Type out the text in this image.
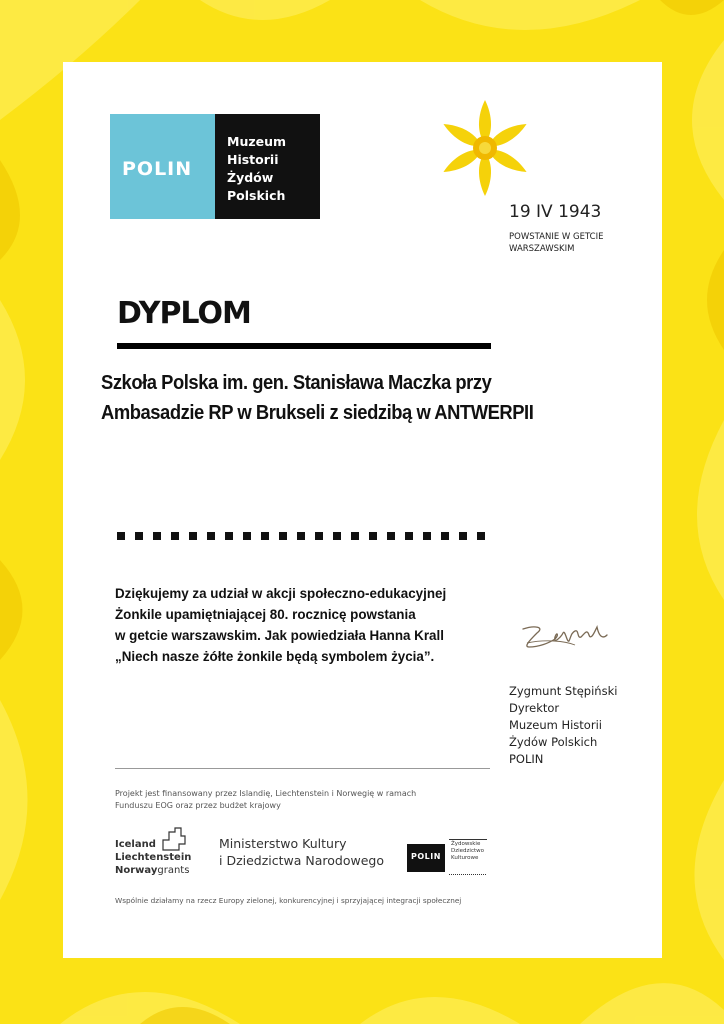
POLIN
Muzeum
Historii
Żydów
Polskich
19 IV 1943
POWSTANIE W GETCIE
WARSZAWSKIM
DYPLOM
Szkoła Polska im. gen. Stanisława Maczka przy
Ambasadzie RP w Brukseli z siedzibą w ANTWERPII
Dziękujemy za udział w akcji społeczno-edukacyjnej
Żonkile upamiętniającej 80. rocznicę powstania
w getcie warszawskim. Jak powiedziała Hanna Krall
„Niech nasze żółte żonkile będą symbolem życia”.
Zygmunt Stępiński
Dyrektor
Muzeum Historii
Żydów Polskich
POLIN
Projekt jest finansowany przez Islandię, Liechtenstein i Norwegię w ramach
Funduszu EOG oraz przez budżet krajowy
Iceland
Liechtenstein
Norwaygrants
Ministerstwo Kultury
i Dziedzictwa Narodowego	POLIN
Żydowskie
Dziedzictwo
Kulturowe
Wspólnie działamy na rzecz Europy zielonej, konkurencyjnej i sprzyjającej integracji społecznej
